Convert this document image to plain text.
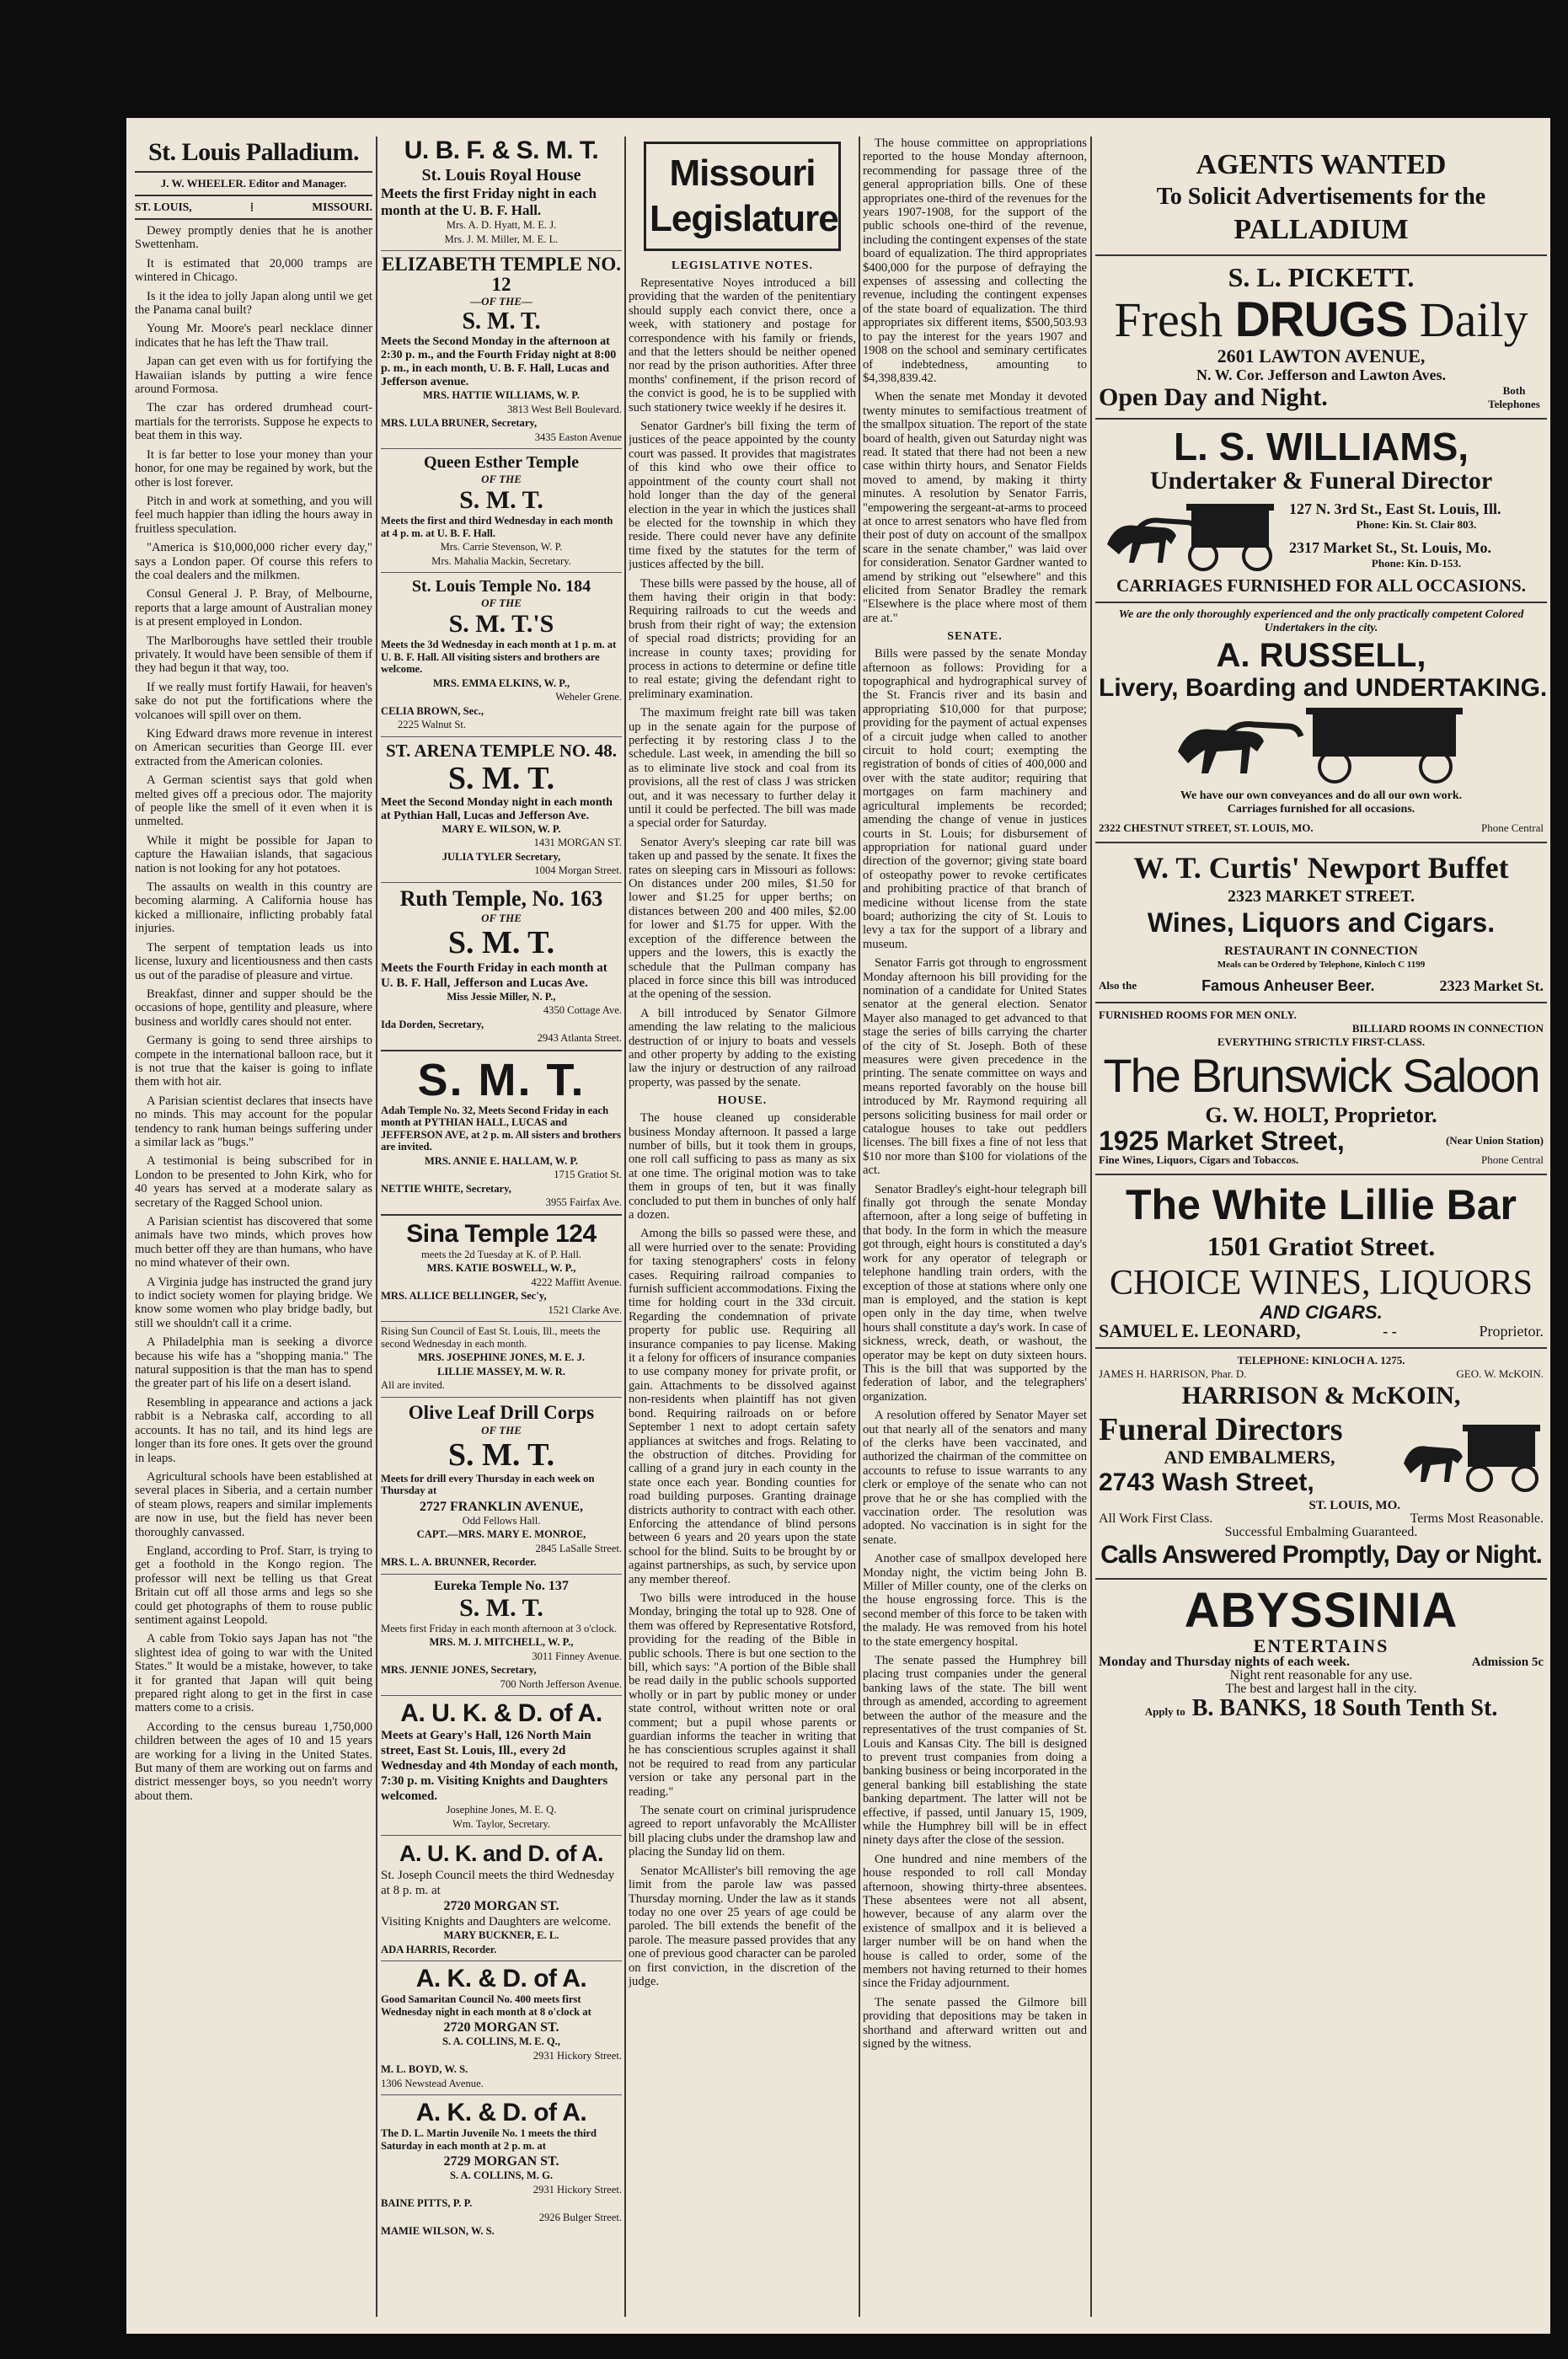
St. Louis Palladium.
J. W. WHEELER. Editor and Manager.
ST. LOUIS,	⁞	MISSOURI.

Dewey promptly denies that he is another Swettenham.

It is estimated that 20,000 tramps are wintered in Chicago.

Is it the idea to jolly Japan along until we get the Panama canal built?

Young Mr. Moore's pearl necklace dinner indicates that he has left the Thaw trail.

Japan can get even with us for fortifying the Hawaiian islands by putting a wire fence around Formosa.

The czar has ordered drumhead court-martials for the terrorists. Suppose he expects to beat them in this way.

It is far better to lose your money than your honor, for one may be regained by work, but the other is lost forever.

Pitch in and work at something, and you will feel much happier than idling the hours away in fruitless speculation.

"America is $10,000,000 richer every day," says a London paper. Of course this refers to the coal dealers and the milkmen.

Consul General J. P. Bray, of Melbourne, reports that a large amount of Australian money is at present employed in London.

The Marlboroughs have settled their trouble privately. It would have been sensible of them if they had begun it that way, too.

If we really must fortify Hawaii, for heaven's sake do not put the fortifications where the volcanoes will spill over on them.

King Edward draws more revenue in interest on American securities than George III. ever extracted from the American colonies.

A German scientist says that gold when melted gives off a precious odor. The majority of people like the smell of it even when it is unmelted.

While it might be possible for Japan to capture the Hawaiian islands, that sagacious nation is not looking for any hot potatoes.

The assaults on wealth in this country are becoming alarming. A California house has kicked a millionaire, inflicting probably fatal injuries.

The serpent of temptation leads us into license, luxury and licentiousness and then casts us out of the paradise of pleasure and virtue.

Breakfast, dinner and supper should be the occasions of hope, gentility and pleasure, where business and worldly cares should not enter.

Germany is going to send three airships to compete in the international balloon race, but it is not true that the kaiser is going to inflate them with hot air.

A Parisian scientist declares that insects have no minds. This may account for the popular tendency to rank human beings suffering under a similar lack as "bugs."

A testimonial is being subscribed for in London to be presented to John Kirk, who for 40 years has served at a moderate salary as secretary of the Ragged School union.

A Parisian scientist has discovered that some animals have two minds, which proves how much better off they are than humans, who have no mind whatever of their own.

A Virginia judge has instructed the grand jury to indict society women for playing bridge. We know some women who play bridge badly, but still we shouldn't call it a crime.

A Philadelphia man is seeking a divorce because his wife has a "shopping mania." The natural supposition is that the man has to spend the greater part of his life on a desert island.

Resembling in appearance and actions a jack rabbit is a Nebraska calf, according to all accounts. It has no tail, and its hind legs are longer than its fore ones. It gets over the ground in leaps.

Agricultural schools have been established at several places in Siberia, and a certain number of steam plows, reapers and similar implements are now in use, but the field has never been thoroughly canvassed.

England, according to Prof. Starr, is trying to get a foothold in the Kongo region. The professor will next be telling us that Great Britain cut off all those arms and legs so she could get photographs of them to rouse public sentiment against Leopold.

A cable from Tokio says Japan has not "the slightest idea of going to war with the United States." It would be a mistake, however, to take it for granted that Japan will quit being prepared right along to get in the first in case matters come to a crisis.

According to the census bureau 1,750,000 children between the ages of 10 and 15 years are working for a living in the United States. But many of them are working out on farms and district messenger boys, so you needn't worry about them.

U. B. F. & S. M. T.
St. Louis Royal House

Meets the first Friday night in each month at the U. B. F. Hall.

Mrs. A. D. Hyatt, M. E. J.
Mrs. J. M. Miller, M. E. L.
ELIZABETH TEMPLE NO. 12
—OF THE—
S. M. T.

Meets the Second Monday in the afternoon at 2:30 p. m., and the Fourth Friday night at 8:00 p. m., in each month, U. B. F. Hall, Lucas and Jefferson avenue.

MRS. HATTIE WILLIAMS, W. P.
3813 West Bell Boulevard.
MRS. LULA BRUNER, Secretary,
3435 Easton Avenue
Queen Esther Temple
OF THE
S. M. T.

Meets the first and third Wednesday in each month at 4 p. m. at U. B. F. Hall.

Mrs. Carrie Stevenson, W. P.
Mrs. Mahalia Mackin, Secretary.
St. Louis Temple No. 184
OF THE
S. M. T.'S

Meets the 3d Wednesday in each month at 1 p. m. at U. B. F. Hall. All visiting sisters and brothers are welcome.

MRS. EMMA ELKINS, W. P.,
Weheler Grene.
CELIA BROWN, Sec.,
2225 Walnut St.
ST. ARENA TEMPLE NO. 48.
S. M. T.

Meet the Second Monday night in each month at Pythian Hall, Lucas and Jefferson Ave.

MARY E. WILSON, W. P.
1431 MORGAN ST.
JULIA TYLER Secretary,
1004 Morgan Street.
Ruth Temple, No. 163
OF THE
S. M. T.

Meets the Fourth Friday in each month at U. B. F. Hall, Jefferson and Lucas Ave.

Miss Jessie Miller, N. P.,
4350 Cottage Ave.
Ida Dorden, Secretary,
2943 Atlanta Street.
S. M. T.

Adah Temple No. 32, Meets Second Friday in each month at PYTHIAN HALL, LUCAS and JEFFERSON AVE, at 2 p. m. All sisters and brothers are invited.

MRS. ANNIE E. HALLAM, W. P.
1715 Gratiot St.
NETTIE WHITE, Secretary,
3955 Fairfax Ave.
Sina Temple 124
meets the 2d Tuesday at K. of P. Hall.
MRS. KATIE BOSWELL, W. P.,
4222 Maffitt Avenue.
MRS. ALLICE BELLINGER, Sec'y,
1521 Clarke Ave.

Rising Sun Council of East St. Louis, Ill., meets the second Wednesday in each month.

MRS. JOSEPHINE JONES, M. E. J.
LILLIE MASSEY, M. W. R.
All are invited.
Olive Leaf Drill Corps
OF THE
S. M. T.

Meets for drill every Thursday in each week on Thursday at

2727 FRANKLIN AVENUE,
Odd Fellows Hall.
CAPT.—MRS. MARY E. MONROE,
2845 LaSalle Street.
MRS. L. A. BRUNNER, Recorder.
Eureka Temple No. 137
S. M. T.

Meets first Friday in each month afternoon at 3 o'clock.

MRS. M. J. MITCHELL, W. P.,
3011 Finney Avenue.
MRS. JENNIE JONES, Secretary,
700 North Jefferson Avenue.
A. U. K. & D. of A.

Meets at Geary's Hall, 126 North Main street, East St. Louis, Ill., every 2d Wednesday and 4th Monday of each month, 7:30 p. m. Visiting Knights and Daughters welcomed.

Josephine Jones, M. E. Q.
Wm. Taylor, Secretary.
A. U. K. and D. of A.

St. Joseph Council meets the third Wednesday at 8 p. m. at

2720 MORGAN ST.

Visiting Knights and Daughters are welcome.

MARY BUCKNER, E. L.
ADA HARRIS, Recorder.
A. K. & D. of A.

Good Samaritan Council No. 400 meets first Wednesday night in each month at 8 o'clock at

2720 MORGAN ST.
S. A. COLLINS, M. E. Q.,
2931 Hickory Street.
M. L. BOYD, W. S.
1306 Newstead Avenue.
A. K. & D. of A.

The D. L. Martin Juvenile No. 1 meets the third Saturday in each month at 2 p. m. at

2729 MORGAN ST.
S. A. COLLINS, M. G.
2931 Hickory Street.
BAINE PITTS, P. P.
2926 Bulger Street.
MAMIE WILSON, W. S.
Missouri Legislature
LEGISLATIVE NOTES.

Representative Noyes introduced a bill providing that the warden of the penitentiary should supply each convict there, once a week, with stationery and postage for correspondence with his family or friends, and that the letters should be neither opened nor read by the prison authorities. After three months' confinement, if the prison record of the convict is good, he is to be supplied with such stationery twice weekly if he desires it.

Senator Gardner's bill fixing the term of justices of the peace appointed by the county court was passed. It provides that magistrates of this kind who owe their office to appointment of the county court shall not hold longer than the day of the general election in the year in which the justices shall be elected for the township in which they reside. There could never have any definite time fixed by the statutes for the term of justices affected by the bill.

These bills were passed by the house, all of them having their origin in that body: Requiring railroads to cut the weeds and brush from their right of way; the extension of special road districts; providing for an increase in county taxes; providing for process in actions to determine or define title to real estate; giving the defendant right to preliminary examination.

The maximum freight rate bill was taken up in the senate again for the purpose of perfecting it by restoring class J to the schedule. Last week, in amending the bill so as to eliminate live stock and coal from its provisions, all the rest of class J was stricken out, and it was necessary to further delay it until it could be perfected. The bill was made a special order for Saturday.

Senator Avery's sleeping car rate bill was taken up and passed by the senate. It fixes the rates on sleeping cars in Missouri as follows: On distances under 200 miles, $1.50 for lower and $1.25 for upper berths; on distances between 200 and 400 miles, $2.00 for lower and $1.75 for upper. With the exception of the difference between the uppers and the lowers, this is exactly the schedule that the Pullman company has placed in force since this bill was introduced at the opening of the session.

A bill introduced by Senator Gilmore amending the law relating to the malicious destruction of or injury to boats and vessels and other property by adding to the existing law the injury or destruction of any railroad property, was passed by the senate.

HOUSE.

The house cleaned up considerable business Monday afternoon. It passed a large number of bills, but it took them in groups, one roll call sufficing to pass as many as six at one time. The original motion was to take them in groups of ten, but it was finally concluded to put them in bunches of only half a dozen.

Among the bills so passed were these, and all were hurried over to the senate: Providing for taxing stenographers' costs in felony cases. Requiring railroad companies to furnish sufficient accommodations. Fixing the time for holding court in the 33d circuit. Regarding the condemnation of private property for public use. Requiring all insurance companies to pay license. Making it a felony for officers of insurance companies to use company money for private profit, or gain. Attachments to be dissolved against non-residents when plaintiff has not given bond. Requiring railroads on or before September 1 next to adopt certain safety appliances at switches and frogs. Relating to the obstruction of ditches. Providing for calling of a grand jury in each county in the state once each year. Bonding counties for road building purposes. Granting drainage districts authority to contract with each other. Enforcing the attendance of blind persons between 6 years and 20 years upon the state school for the blind. Suits to be brought by or against partnerships, as such, by service upon any member thereof.

Two bills were introduced in the house Monday, bringing the total up to 928. One of them was offered by Representative Rotsford, providing for the reading of the Bible in public schools. There is but one section to the bill, which says: "A portion of the Bible shall be read daily in the public schools supported wholly or in part by public money or under state control, without written note or oral comment; but a pupil whose parents or guardian informs the teacher in writing that he has conscientious scruples against it shall not be required to read from any particular version or take any personal part in the reading."

The senate court on criminal jurisprudence agreed to report unfavorably the McAllister bill placing clubs under the dramshop law and placing the Sunday lid on them.

Senator McAllister's bill removing the age limit from the parole law was passed Thursday morning. Under the law as it stands today no one over 25 years of age could be paroled. The bill extends the benefit of the parole. The measure passed provides that any one of previous good character can be paroled on first conviction, in the discretion of the judge.

The house committee on appropriations reported to the house Monday afternoon, recommending for passage three of the general appropriation bills. One of these appropriates one-third of the revenues for the years 1907-1908, for the support of the public schools one-third of the revenue, including the contingent expenses of the state board of equalization. The third appropriates $400,000 for the purpose of defraying the expenses of assessing and collecting the revenue, including the contingent expenses of the state board of equalization. The third appropriates six different items, $500,503.93 to pay the interest for the years 1907 and 1908 on the school and seminary certificates of indebtedness, amounting to $4,398,839.42.

When the senate met Monday it devoted twenty minutes to semifactious treatment of the smallpox situation. The report of the state board of health, given out Saturday night was read. It stated that there had not been a new case within thirty hours, and Senator Fields moved to amend, by making it thirty minutes. A resolution by Senator Farris, "empowering the sergeant-at-arms to proceed at once to arrest senators who have fled from their post of duty on account of the smallpox scare in the senate chamber," was laid over for consideration. Senator Gardner wanted to amend by striking out "elsewhere" and this elicited from Senator Bradley the remark "Elsewhere is the place where most of them are at."

SENATE.

Bills were passed by the senate Monday afternoon as follows: Providing for a topographical and hydrographical survey of the St. Francis river and its basin and appropriating $10,000 for that purpose; providing for the payment of actual expenses of a circuit judge when called to another circuit to hold court; exempting the registration of bonds of cities of 400,000 and over with the state auditor; requiring that mortgages on farm machinery and agricultural implements be recorded; amending the change of venue in justices courts in St. Louis; for disbursement of appropriation for national guard under direction of the governor; giving state board of osteopathy power to revoke certificates and prohibiting practice of that branch of medicine without license from the state board; authorizing the city of St. Louis to levy a tax for the support of a library and museum.

Senator Farris got through to engrossment Monday afternoon his bill providing for the nomination of a candidate for United States senator at the general election. Senator Mayer also managed to get advanced to that stage the series of bills carrying the charter of the city of St. Joseph. Both of these measures were given precedence in the printing. The senate committee on ways and means reported favorably on the house bill introduced by Mr. Raymond requiring all persons soliciting business for mail order or catalogue houses to take out peddlers licenses. The bill fixes a fine of not less that $10 nor more than $100 for violations of the act.

Senator Bradley's eight-hour telegraph bill finally got through the senate Monday afternoon, after a long seige of buffeting in that body. In the form in which the measure got through, eight hours is constituted a day's work for any operator of telegraph or telephone handling train orders, with the exception of those at stations where only one man is employed, and the station is kept open only in the day time, when twelve hours shall constitute a day's work. In case of sickness, wreck, death, or washout, the operator may be kept on duty sixteen hours. This is the bill that was supported by the federation of labor, and the telegraphers' organization.

A resolution offered by Senator Mayer set out that nearly all of the senators and many of the clerks have been vaccinated, and authorized the chairman of the committee on accounts to refuse to issue warrants to any clerk or employe of the senate who can not prove that he or she has complied with the vaccination order. The resolution was adopted. No vaccination is in sight for the senate.

Another case of smallpox developed here Monday night, the victim being John B. Miller of Miller county, one of the clerks on the house engrossing force. This is the second member of this force to be taken with the malady. He was removed from his hotel to the state emergency hospital.

The senate passed the Humphrey bill placing trust companies under the general banking laws of the state. The bill went through as amended, according to agreement between the author of the measure and the representatives of the trust companies of St. Louis and Kansas City. The bill is designed to prevent trust companies from doing a banking business or being incorporated in the general banking bill establishing the state banking department. The latter will not be effective, if passed, until January 15, 1909, while the Humphrey bill will be in effect ninety days after the close of the session.

One hundred and nine members of the house responded to roll call Monday afternoon, showing thirty-three absentees. These absentees were not all absent, however, because of any alarm over the existence of smallpox and it is believed a larger number will be on hand when the house is called to order, some of the members not having returned to their homes since the Friday adjournment.

The senate passed the Gilmore bill providing that depositions may be taken in shorthand and afterward written out and signed by the witness.

AGENTS WANTED
To Solicit Advertisements for the
PALLADIUM
S. L. PICKETT.
Fresh DRUGS Daily
2601 LAWTON AVENUE,
N. W. Cor. Jefferson and Lawton Aves.
Open Day and Night.	Both Telephones
L. S. WILLIAMS,
Undertaker & Funeral Director
127 N. 3rd St., East St. Louis, Ill.
Phone: Kin. St. Clair 803.
2317 Market St., St. Louis, Mo.
Phone: Kin. D-153.
CARRIAGES FURNISHED FOR ALL OCCASIONS.
We are the only thoroughly experienced and the only practically competent Colored Undertakers in the city.
A. RUSSELL,
Livery, Boarding and UNDERTAKING.
We have our own conveyances and do all our own work.
Carriages furnished for all occasions.
2322 CHESTNUT STREET, ST. LOUIS, MO.	Phone Central
W. T. Curtis' Newport Buffet
2323 MARKET STREET.
Wines, Liquors and Cigars.
RESTAURANT IN CONNECTION
Meals can be Ordered by Telephone, Kinloch C 1199
Also the	Famous Anheuser Beer.	2323 Market St.
FURNISHED ROOMS FOR MEN ONLY.
BILLIARD ROOMS IN CONNECTION
EVERYTHING STRICTLY FIRST-CLASS.
The Brunswick Saloon
G. W. HOLT, Proprietor.
1925 Market Street,	(Near Union Station)
Fine Wines, Liquors, Cigars and Tobaccos.	Phone Central
The White Lillie Bar
1501 Gratiot Street.
CHOICE WINES, LIQUORS
AND CIGARS.
SAMUEL E. LEONARD,	- -	Proprietor.
TELEPHONE: KINLOCH A. 1275.
JAMES H. HARRISON, Phar. D.	GEO. W. McKOIN.
HARRISON & McKOIN,
Funeral Directors
AND EMBALMERS,
2743 Wash Street,
ST. LOUIS, MO.
All Work First Class.	Terms Most Reasonable.
Successful Embalming Guaranteed.
Calls Answered Promptly, Day or Night.
ABYSSINIA
ENTERTAINS
Monday and Thursday nights of each week.	Admission 5c
Night rent reasonable for any use.
The best and largest hall in the city.
Apply to B. BANKS, 18 South Tenth St.
